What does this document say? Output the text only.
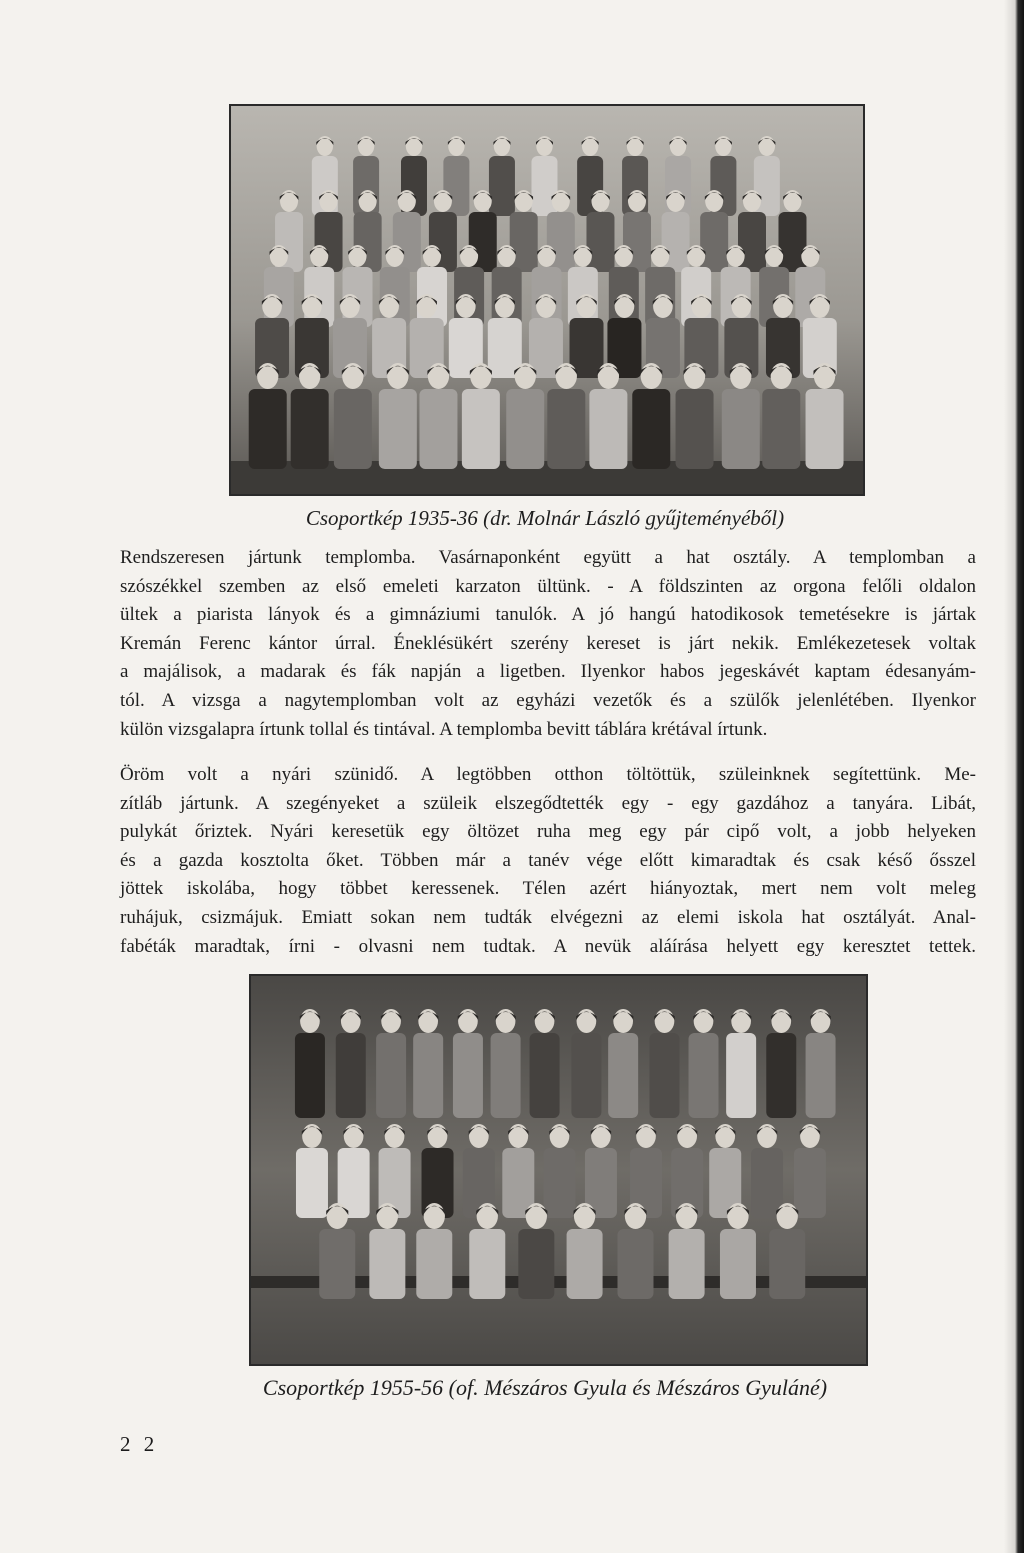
Csoportkép 1935-36 (dr. Molnár László gyűjteményéből)

Rendszeresen jártunk templomba. Vasárnaponként együtt a hat osztály. A templomban a
szószékkel szemben az első emeleti karzaton ültünk. - A földszinten az orgona felőli oldalon
ültek a piarista lányok és a gimnáziumi tanulók. A jó hangú hatodikosok temetésekre is jártak
Kremán Ferenc kántor úrral. Éneklésükért szerény kereset is járt nekik. Emlékezetesek voltak
a majálisok, a madarak és fák napján a ligetben. Ilyenkor habos jegeskávét kaptam édesanyám-
tól. A vizsga a nagytemplomban volt az egyházi vezetők és a szülők jelenlétében. Ilyenkor
külön vizsgalapra írtunk tollal és tintával. A templomba bevitt táblára krétával írtunk.

Öröm volt a nyári szünidő. A legtöbben otthon töltöttük, szüleinknek segítettünk. Me-
zítláb jártunk. A szegényeket a szüleik elszegődtették egy - egy gazdához a tanyára. Libát,
pulykát őriztek. Nyári keresetük egy öltözet ruha meg egy pár cipő volt, a jobb helyeken
és a gazda kosztolta őket. Többen már a tanév vége előtt kimaradtak és csak késő ősszel
jöttek iskolába, hogy többet keressenek. Télen azért hiányoztak, mert nem volt meleg
ruhájuk, csizmájuk. Emiatt sokan nem tudták elvégezni az elemi iskola hat osztályát. Anal-
fabéták maradtak, írni - olvasni nem tudtak. A nevük aláírása helyett egy keresztet tettek.

Csoportkép 1955-56 (of. Mészáros Gyula és Mészáros Gyuláné)
2 2
